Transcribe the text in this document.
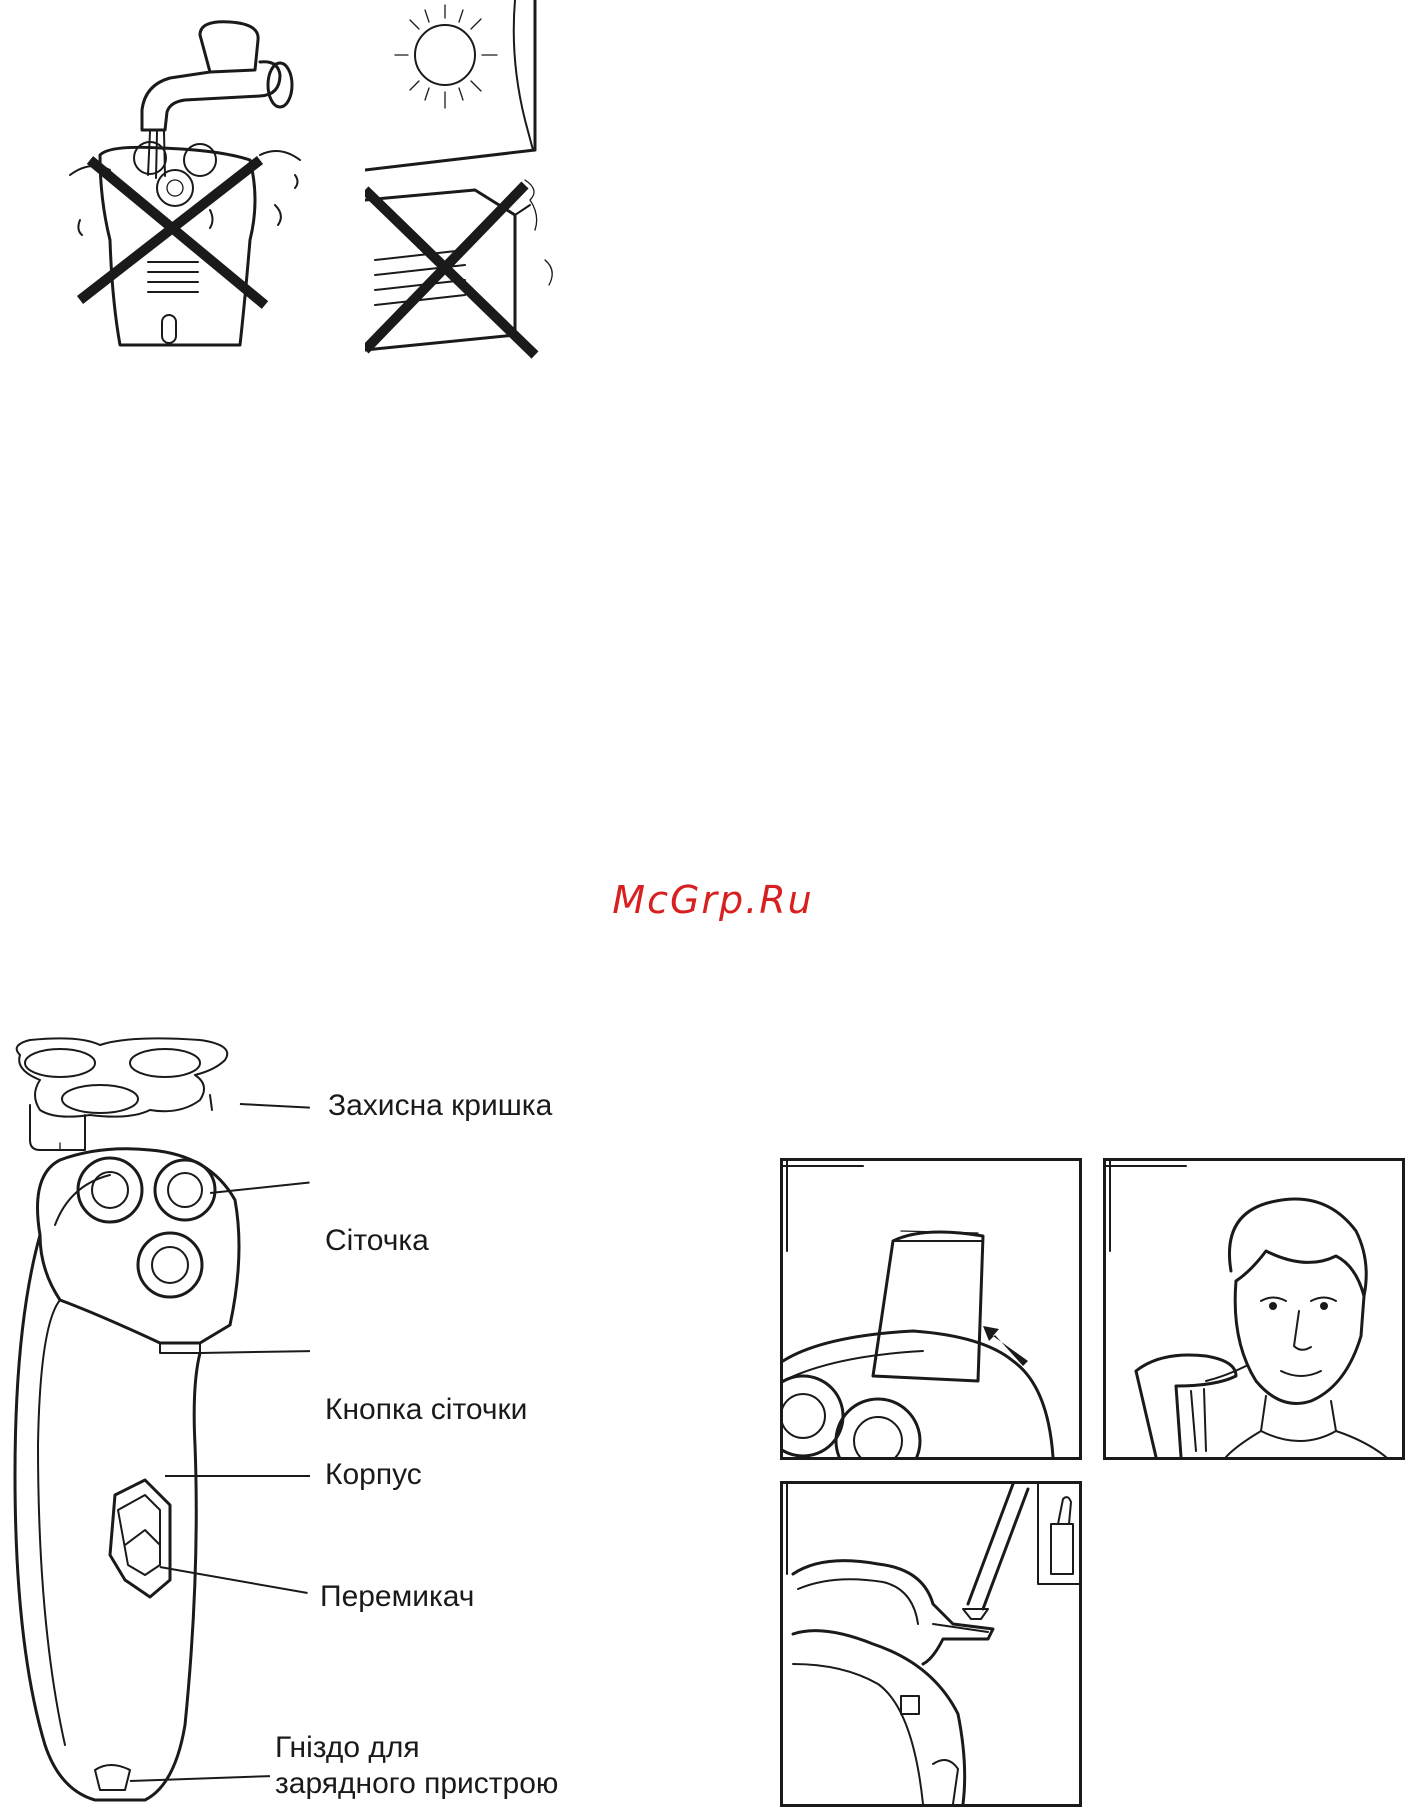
McGrp.Ru
Захисна кришка
Сіточка
Кнопка сіточки
Корпус
Перемикач
Гніздо для
зарядного пристрою
